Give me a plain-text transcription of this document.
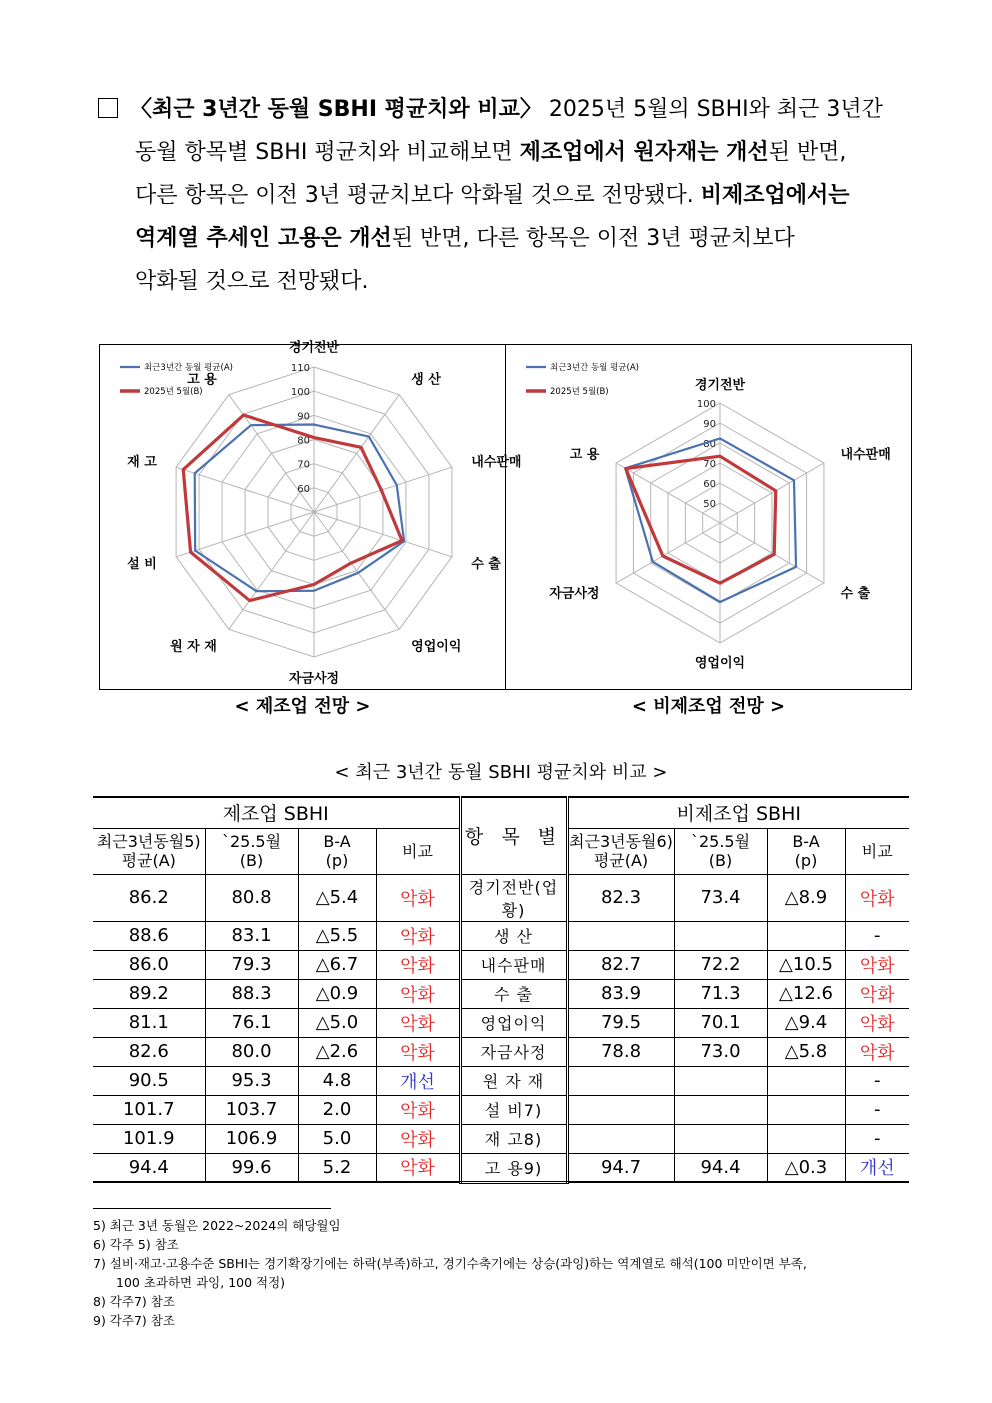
〈최근 3년간 동월 SBHI 평균치와 비교〉 2025년 5월의 SBHI와 최근 3년간
동월 항목별 SBHI 평균치와 비교해보면 제조업에서 원자재는 개선된 반면,
다른 항목은 이전 3년 평균치보다 악화될 것으로 전망됐다. 비제조업에서는
역계열 추세인 고용은 개선된 반면, 다른 항목은 이전 3년 평균치보다
악화될 것으로 전망됐다.
60
70
80
90
100
110
경기전반
생 산
내수판매
수 출
영업이익
자금사정
원 자 재
설 비
재 고
고 용
최근3년간 동월 평균(A)
2025년 5월(B)
50
60
70
80
90
100
경기전반
내수판매
수 출
영업이익
자금사정
고 용
최근3년간 동월 평균(A)
2025년 5월(B)
< 제조업 전망 >	< 비제조업 전망 >
< 최근 3년간 동월 SBHI 평균치와 비교 >
제조업 SBHI				항 목 별	비제조업 SBHI			
최근3년동월5)
평균(A)	`25.5월
(B)	B-A
(p)	비교		최근3년동월6)
평균(A)	`25.5월
(B)	B-A
(p)	비교
86.2	80.8	△5.4	악화	경기전반(업황)	82.3	73.4	△8.9	악화
88.6	83.1	△5.5	악화	생 산				-
86.0	79.3	△6.7	악화	내수판매	82.7	72.2	△10.5	악화
89.2	88.3	△0.9	악화	수 출	83.9	71.3	△12.6	악화
81.1	76.1	△5.0	악화	영업이익	79.5	70.1	△9.4	악화
82.6	80.0	△2.6	악화	자금사정	78.8	73.0	△5.8	악화
90.5	95.3	4.8	개선	원 자 재				-
101.7	103.7	2.0	악화	설 비7)				-
101.9	106.9	5.0	악화	재 고8)				-
94.4	99.6	5.2	악화	고 용9)	94.7	94.4	△0.3	개선
5) 최근 3년 동월은 2022~2024의 해당월임
6) 각주 5) 참조
7) 설비·재고·고용수준 SBHI는 경기확장기에는 하락(부족)하고, 경기수축기에는 상승(과잉)하는 역계열로 해석(100 미만이면 부족,
100 초과하면 과잉, 100 적정)
8) 각주7) 참조
9) 각주7) 참조
